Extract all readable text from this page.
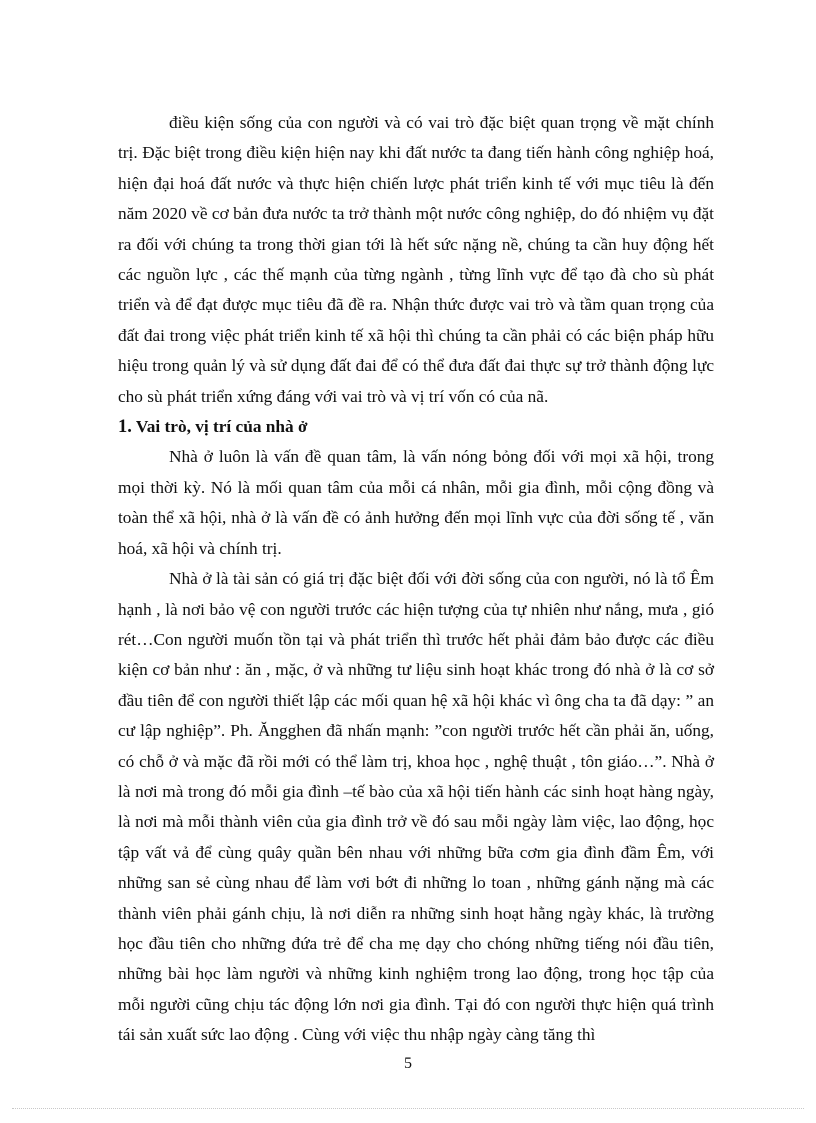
điều kiện sống của con người và có vai trò đặc biệt quan trọng về mặt chính trị. Đặc biệt trong điều kiện hiện nay khi đất nước ta đang tiến hành công nghiệp hoá, hiện đại hoá đất nước và thực hiện chiến lược phát triển kinh tế với mục tiêu là đến năm 2020 về cơ bản đưa nước ta trở thành một nước công nghiệp, do đó nhiệm vụ đặt ra đối với chúng ta trong thời gian tới là hết sức nặng nề, chúng ta cần huy động hết các nguồn lực , các thế mạnh của từng ngành , từng lĩnh vực để tạo đà cho sù phát triển và để đạt được mục tiêu đã đề ra. Nhận thức được vai trò và tầm quan trọng của đất đai trong việc phát triển kinh tế xã hội thì chúng ta cần phải có các biện pháp hữu hiệu trong quản lý và sử dụng đất đai để có thể đưa đất đai thực sự trở thành động lực cho sù phát triển xứng đáng với vai trò và vị trí vốn có của nã.

1. Vai trò, vị trí của nhà ở

Nhà ở luôn là vấn đề quan tâm, là vấn nóng bỏng đối với mọi xã hội, trong mọi thời kỳ. Nó là mối quan tâm của mỗi cá nhân, mỗi gia đình, mỗi cộng đồng và toàn thể xã hội, nhà ở là vấn đề có ảnh hưởng đến mọi lĩnh vực của đời sống tế , văn hoá, xã hội và chính trị.

Nhà ở là tài sản có giá trị đặc biệt đối với đời sống của con người, nó là tổ Êm hạnh , là nơi bảo vệ con người trước các hiện tượng của tự nhiên như nắng, mưa , gió rét…Con người muốn tồn tại và phát triển thì trước hết phải đảm bảo được các điều kiện cơ bản như : ăn , mặc, ở và những tư liệu sinh hoạt khác trong đó nhà ở là cơ sở đầu tiên để con người thiết lập các mối quan hệ xã hội khác vì ông cha ta đã dạy: ” an cư lập nghiệp”. Ph. Ăngghen đã nhấn mạnh: ”con người trước hết cần phải ăn, uống, có chỗ ở và mặc đã rồi mới có thể làm trị, khoa học , nghệ thuật , tôn giáo…”. Nhà ở là nơi mà trong đó mỗi gia đình –tế bào của xã hội tiến hành các sinh hoạt hàng ngày, là nơi mà mỗi thành viên của gia đình trở về đó sau mỗi ngày làm việc, lao động, học tập vất vả để cùng quây quần bên nhau với những bữa cơm gia đình đầm Êm, với những san sẻ cùng nhau để làm vơi bớt đi những lo toan , những gánh nặng mà các thành viên phải gánh chịu, là nơi diễn ra những sinh hoạt hằng ngày khác, là trường học đầu tiên cho những đứa trẻ để cha mẹ dạy cho chóng những tiếng nói đầu tiên, những bài học làm người và những kinh nghiệm trong lao động, trong học tập của mỗi người cũng chịu tác động lớn nơi gia đình. Tại đó con người thực hiện quá trình tái sản xuất sức lao động . Cùng với việc thu nhập ngày càng tăng thì

5
